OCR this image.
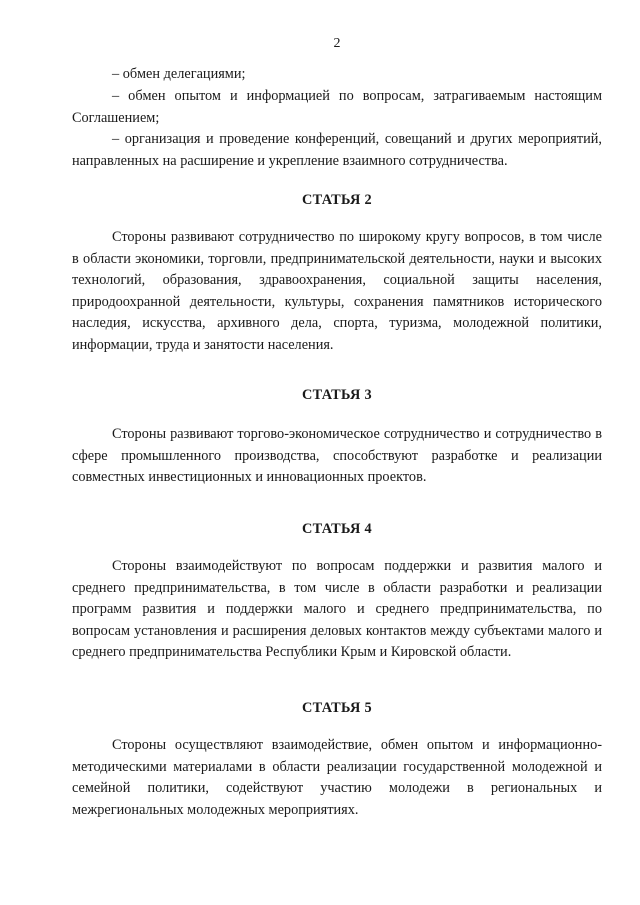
2
– обмен делегациями;
– обмен опытом и информацией по вопросам, затрагиваемым настоящим Соглашением;
– организация и проведение конференций, совещаний и других мероприятий, направленных на расширение и укрепление взаимного сотрудничества.
СТАТЬЯ 2
Стороны развивают сотрудничество по широкому кругу вопросов, в том числе в области экономики, торговли, предпринимательской деятельности, науки и высоких технологий, образования, здравоохранения, социальной защиты населения, природоохранной деятельности, культуры, сохранения памятников исторического наследия, искусства, архивного дела, спорта, туризма, молодежной политики, информации, труда и занятости населения.
СТАТЬЯ 3
Стороны развивают торгово-экономическое сотрудничество и сотрудничество в сфере промышленного производства, способствуют разработке и реализации совместных инвестиционных и инновационных проектов.
СТАТЬЯ 4
Стороны взаимодействуют по вопросам поддержки и развития малого и среднего предпринимательства, в том числе в области разработки и реализации программ развития и поддержки малого и среднего предпринимательства, по вопросам установления и расширения деловых контактов между субъектами малого и среднего предпринимательства Республики Крым и Кировской области.
СТАТЬЯ 5
Стороны осуществляют взаимодействие, обмен опытом и информационно-методическими материалами в области реализации государственной молодежной и семейной политики, содействуют участию молодежи в региональных и межрегиональных молодежных мероприятиях.
